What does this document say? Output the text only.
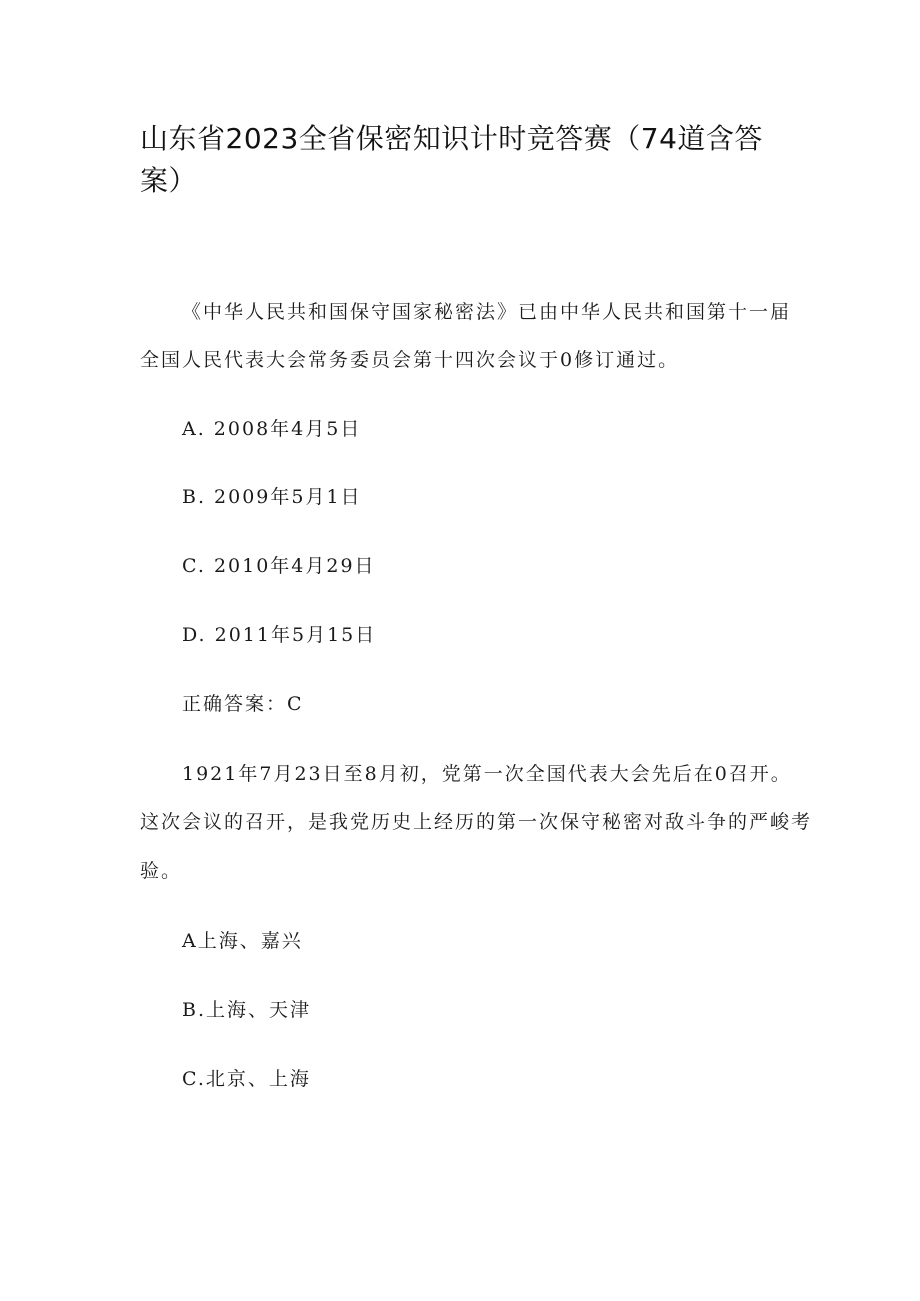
山东省2023全省保密知识计时竞答赛（74道含答案）
《中华人民共和国保守国家秘密法》已由中华人民共和国第十一届
全国人民代表大会常务委员会第十四次会议于0修订通过。
A. 2008年4月5日
B. 2009年5月1日
C. 2010年4月29日
D. 2011年5月15日
正确答案：C
1921年7月23日至8月初，党第一次全国代表大会先后在0召开。
这次会议的召开，是我党历史上经历的第一次保守秘密对敌斗争的严峻考
验。
A上海、嘉兴
B.上海、天津
C.北京、上海
